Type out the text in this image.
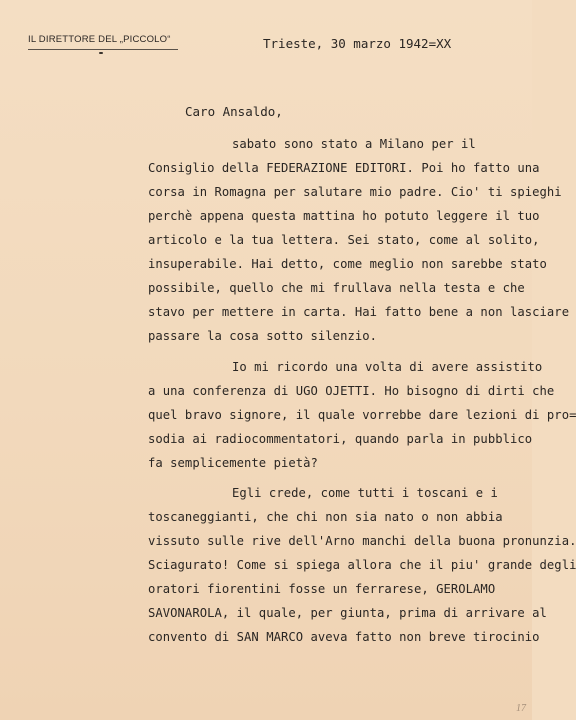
IL DIRETTORE DEL „PICCOLO“	Trieste, 30 marzo 1942=XX
Caro Ansaldo,
sabato sono stato a Milano per il
Consiglio della FEDERAZIONE EDITORI. Poi ho fatto una
corsa in Romagna per salutare mio padre. Cio' ti spieghi
perchè appena questa mattina ho potuto leggere il tuo
articolo e la tua lettera. Sei stato, come al solito,
insuperabile. Hai detto, come meglio non sarebbe stato
possibile, quello che mi frullava nella testa e che
stavo per mettere in carta. Hai fatto bene a non lasciare
passare la cosa sotto silenzio.
Io mi ricordo una volta di avere assistito
a una conferenza di UGO OJETTI. Ho bisogno di dirti che
quel bravo signore, il quale vorrebbe dare lezioni di pro=
sodia ai radiocommentatori, quando parla in pubblico
fa semplicemente pietà?
Egli crede, come tutti i toscani e i
toscaneggianti, che chi non sia nato o non abbia
vissuto sulle rive dell'Arno manchi della buona pronunzia.
Sciagurato! Come si spiega allora che il piu' grande degli
oratori fiorentini fosse un ferrarese, GEROLAMO
SAVONAROLA, il quale, per giunta, prima di arrivare al
convento di SAN MARCO aveva fatto non breve tirocinio
17
